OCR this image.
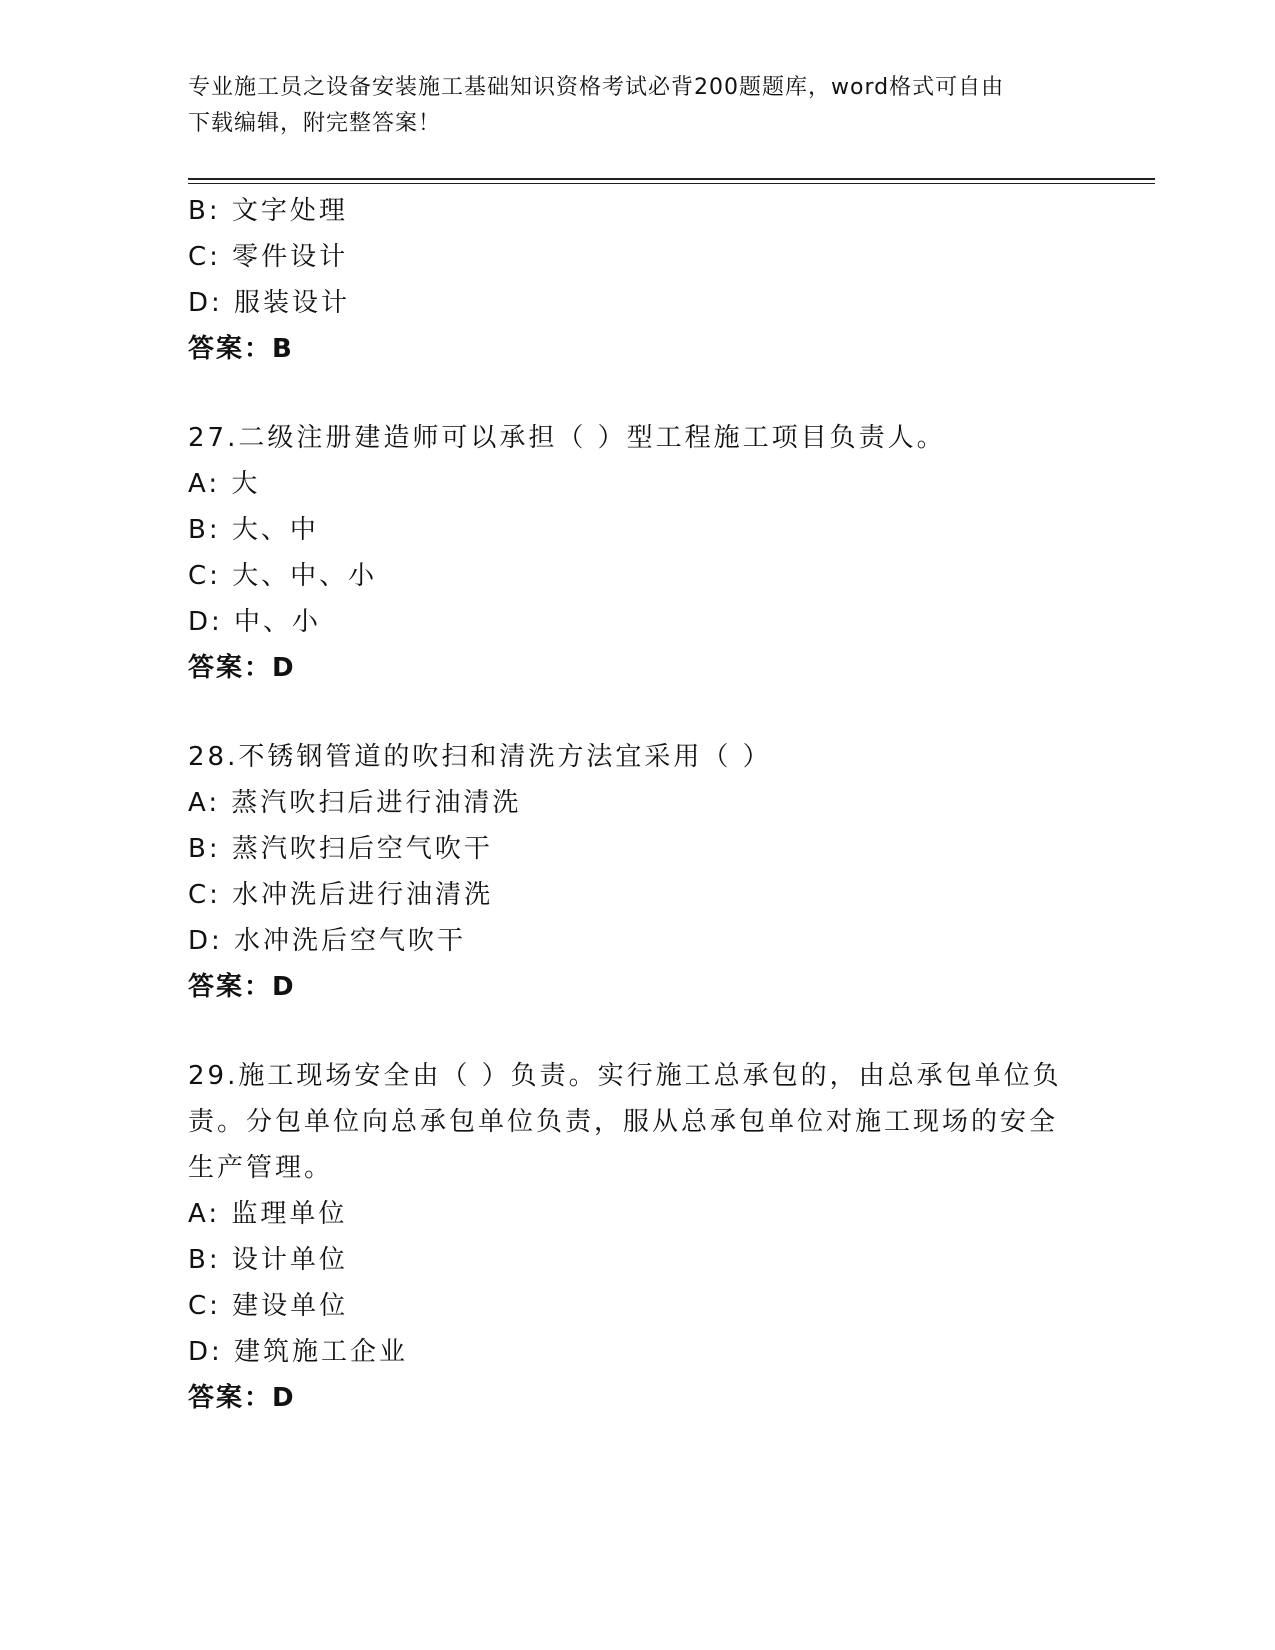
专业施工员之设备安装施工基础知识资格考试必背200题题库，word格式可自由
下载编辑，附完整答案！
B: 文字处理
C: 零件设计
D: 服装设计
答案：B
27.二级注册建造师可以承担（ ）型工程施工项目负责人。
A: 大
B: 大、中
C: 大、中、小
D: 中、小
答案：D
28.不锈钢管道的吹扫和清洗方法宜采用（ ）
A: 蒸汽吹扫后进行油清洗
B: 蒸汽吹扫后空气吹干
C: 水冲洗后进行油清洗
D: 水冲洗后空气吹干
答案：D
29.施工现场安全由（ ）负责。实行施工总承包的，由总承包单位负
责。分包单位向总承包单位负责，服从总承包单位对施工现场的安全
生产管理。
A: 监理单位
B: 设计单位
C: 建设单位
D: 建筑施工企业
答案：D
